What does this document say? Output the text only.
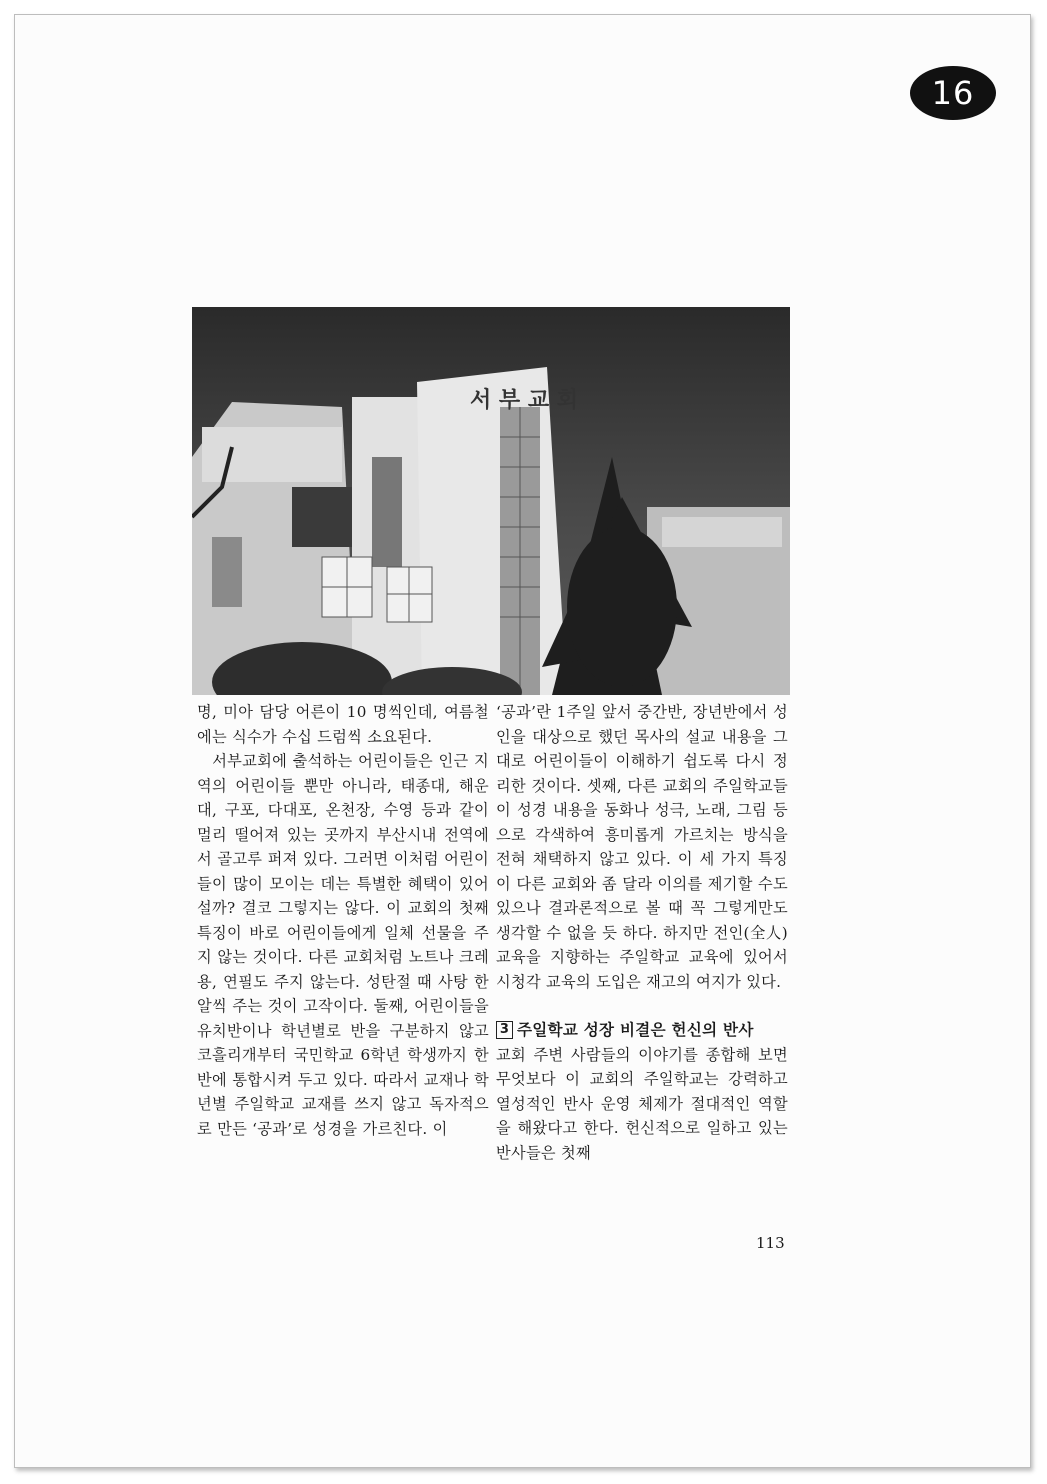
16
서 부 교 회

명, 미아 담당 어른이 10 명씩인데, 여름철에는 식수가 수십 드럼씩 소요된다.

서부교회에 출석하는 어린이들은 인근 지역의 어린이들 뿐만 아니라, 태종대, 해운대, 구포, 다대포, 온천장, 수영 등과 같이 멀리 떨어져 있는 곳까지 부산시내 전역에서 골고루 퍼져 있다. 그러면 이처럼 어린이들이 많이 모이는 데는 특별한 혜택이 있어설까? 결코 그렇지는 않다. 이 교회의 첫째 특징이 바로 어린이들에게 일체 선물을 주지 않는 것이다. 다른 교회처럼 노트나 크레용, 연필도 주지 않는다. 성탄절 때 사탕 한 알씩 주는 것이 고작이다. 둘째, 어린이들을 유치반이나 학년별로 반을 구분하지 않고 코흘리개부터 국민학교 6학년 학생까지 한반에 통합시켜 두고 있다. 따라서 교재나 학년별 주일학교 교재를 쓰지 않고 독자적으로 만든 ‘공과’로 성경을 가르친다. 이

‘공과’란 1주일 앞서 중간반, 장년반에서 성인을 대상으로 했던 목사의 설교 내용을 그대로 어린이들이 이해하기 쉽도록 다시 정리한 것이다. 셋째, 다른 교회의 주일학교들이 성경 내용을 동화나 성극, 노래, 그림 등으로 각색하여 흥미롭게 가르치는 방식을 전혀 채택하지 않고 있다. 이 세 가지 특징이 다른 교회와 좀 달라 이의를 제기할 수도 있으나 결과론적으로 볼 때 꼭 그렇게만도 생각할 수 없을 듯 하다. 하지만 전인(全人) 교육을 지향하는 주일학교 교육에 있어서 시청각 교육의 도입은 재고의 여지가 있다.

3 주일학교 성장 비결은 헌신의 반사

교회 주변 사람들의 이야기를 종합해 보면 무엇보다 이 교회의 주일학교는 강력하고 열성적인 반사 운영 체제가 절대적인 역할을 해왔다고 한다. 헌신적으로 일하고 있는 반사들은 첫째

113
